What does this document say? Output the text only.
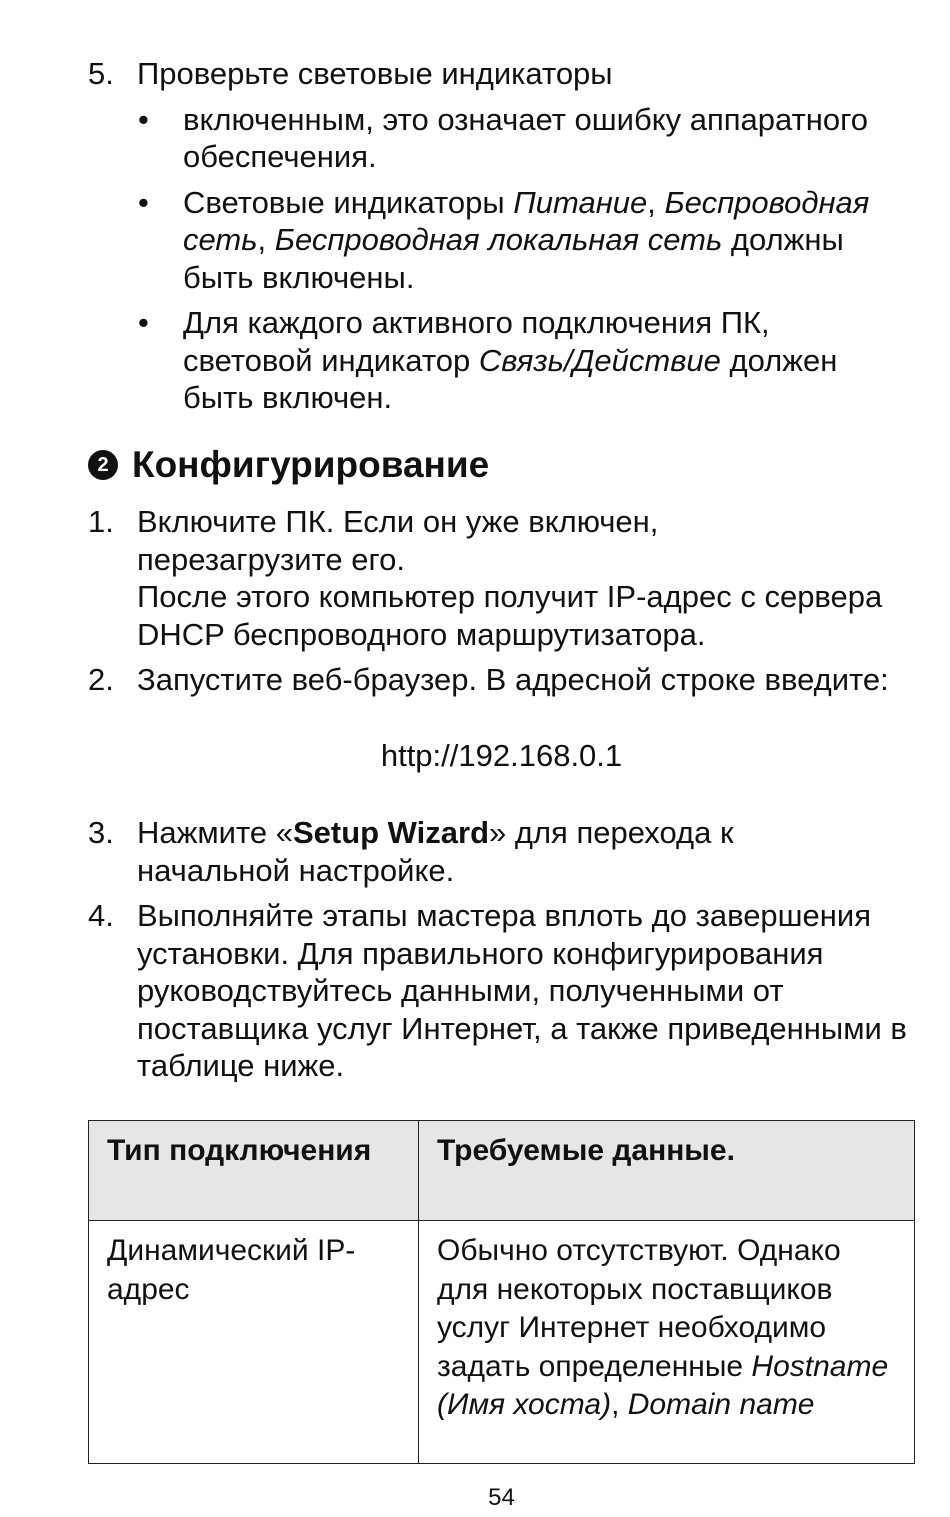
5. Проверьте световые индикаторы
• включенным, это означает ошибку аппаратного обеспечения.
• Световые индикаторы Питание, Беспроводная сеть, Беспроводная локальная сеть должны быть включены.
• Для каждого активного подключения ПК, световой индикатор Связь/Действие должен быть включен.
2 Конфигурирование
1. Включите ПК. Если он уже включен, перезагрузите его.
После этого компьютер получит IP-адрес с сервера DHCP беспроводного маршрутизатора.
2. Запустите веб-браузер. В адресной строке введите:
http://192.168.0.1
3. Нажмите «Setup Wizard» для перехода к начальной настройке.
4. Выполняйте этапы мастера вплоть до завершения установки. Для правильного конфигурирования руководствуйтесь данными, полученными от поставщика услуг Интернет, а также приведенными в таблице ниже.
Тип подключения	Требуемые данные.
Динамический IP-адрес	Обычно отсутствуют. Однако для некоторых поставщиков услуг Интернет необходимо задать определенные Hostname (Имя хоста), Domain name
54
